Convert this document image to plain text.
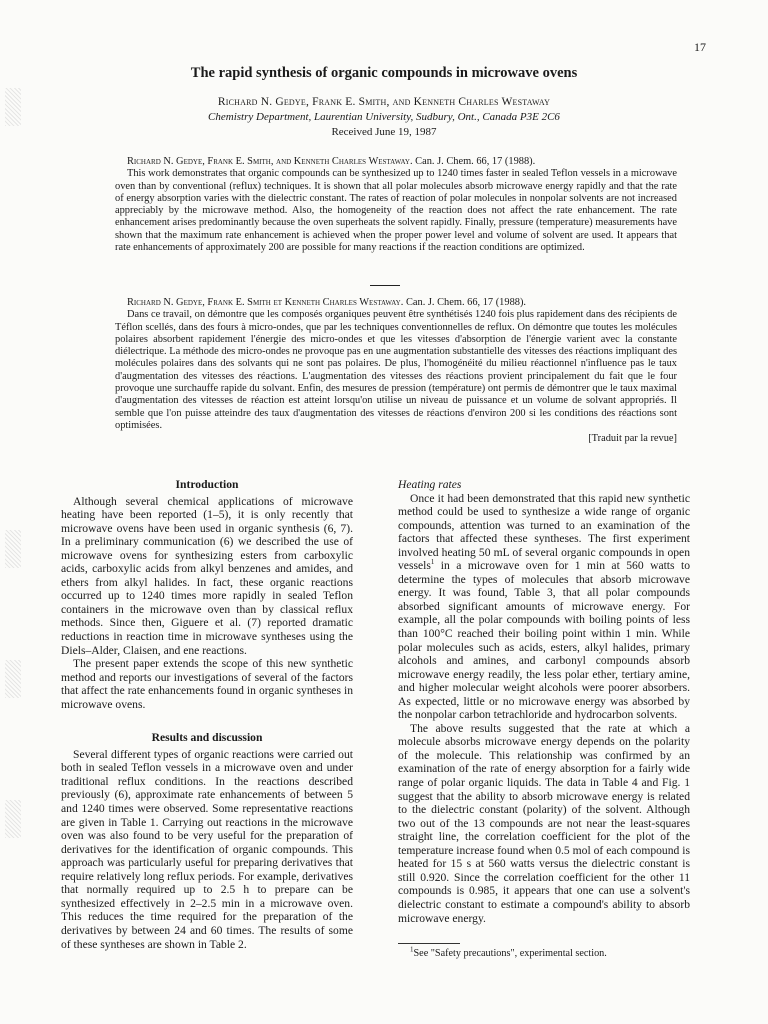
17
The rapid synthesis of organic compounds in microwave ovens
Richard N. Gedye, Frank E. Smith, and Kenneth Charles Westaway
Chemistry Department, Laurentian University, Sudbury, Ont., Canada P3E 2C6
Received June 19, 1987

Richard N. Gedye, Frank E. Smith, and Kenneth Charles Westaway. Can. J. Chem. 66, 17 (1988).

This work demonstrates that organic compounds can be synthesized up to 1240 times faster in sealed Teflon vessels in a microwave oven than by conventional (reflux) techniques. It is shown that all polar molecules absorb microwave energy rapidly and that the rate of energy absorption varies with the dielectric constant. The rates of reaction of polar molecules in nonpolar solvents are not increased appreciably by the microwave method. Also, the homogeneity of the reaction does not affect the rate enhancement. The rate enhancement arises predominantly because the oven superheats the solvent rapidly. Finally, pressure (temperature) measurements have shown that the maximum rate enhancement is achieved when the proper power level and volume of solvent are used. It appears that rate enhancements of approximately 200 are possible for many reactions if the reaction conditions are optimized.

Richard N. Gedye, Frank E. Smith et Kenneth Charles Westaway. Can. J. Chem. 66, 17 (1988).

Dans ce travail, on démontre que les composés organiques peuvent être synthétisés 1240 fois plus rapidement dans des récipients de Téflon scellés, dans des fours à micro-ondes, que par les techniques conventionnelles de reflux. On démontre que toutes les molécules polaires absorbent rapidement l'énergie des micro-ondes et que les vitesses d'absorption de l'énergie varient avec la constante diélectrique. La méthode des micro-ondes ne provoque pas en une augmentation substantielle des vitesses des réactions impliquant des molécules polaires dans des solvants qui ne sont pas polaires. De plus, l'homogénéité du milieu réactionnel n'influence pas le taux d'augmentation des vitesses des réactions. L'augmentation des vitesses des réactions provient principalement du fait que le four provoque une surchauffe rapide du solvant. Enfin, des mesures de pression (température) ont permis de démontrer que le taux maximal d'augmentation des vitesses de réaction est atteint lorsqu'on utilise un niveau de puissance et un volume de solvant appropriés. Il semble que l'on puisse atteindre des taux d'augmentation des vitesses de réactions d'environ 200 si les conditions des réactions sont optimisées.

[Traduit par la revue]
Introduction

Although several chemical applications of microwave heating have been reported (1–5), it is only recently that microwave ovens have been used in organic synthesis (6, 7). In a preliminary communication (6) we described the use of microwave ovens for synthesizing esters from carboxylic acids, carboxylic acids from alkyl benzenes and amides, and ethers from alkyl halides. In fact, these organic reactions occurred up to 1240 times more rapidly in sealed Teflon containers in the microwave oven than by classical reflux methods. Since then, Giguere et al. (7) reported dramatic reductions in reaction time in microwave syntheses using the Diels–Alder, Claisen, and ene reactions.

The present paper extends the scope of this new synthetic method and reports our investigations of several of the factors that affect the rate enhancements found in organic syntheses in microwave ovens.

Results and discussion

Several different types of organic reactions were carried out both in sealed Teflon vessels in a microwave oven and under traditional reflux conditions. In the reactions described previously (6), approximate rate enhancements of between 5 and 1240 times were observed. Some representative reactions are given in Table 1. Carrying out reactions in the microwave oven was also found to be very useful for the preparation of derivatives for the identification of organic compounds. This approach was particularly useful for preparing derivatives that require relatively long reflux periods. For example, derivatives that normally required up to 2.5 h to prepare can be synthesized effectively in 2–2.5 min in a microwave oven. This reduces the time required for the preparation of the derivatives by between 24 and 60 times. The results of some of these syntheses are shown in Table 2.

Heating rates

Once it had been demonstrated that this rapid new synthetic method could be used to synthesize a wide range of organic compounds, attention was turned to an examination of the factors that affected these syntheses. The first experiment involved heating 50 mL of several organic compounds in open vessels$^1$ in a microwave oven for 1 min at 560 watts to determine the types of molecules that absorb microwave energy. It was found, Table 3, that all polar compounds absorbed significant amounts of microwave energy. For example, all the polar compounds with boiling points of less than 100°C reached their boiling point within 1 min. While polar molecules such as acids, esters, alkyl halides, primary alcohols and amines, and carbonyl compounds absorb microwave energy readily, the less polar ether, tertiary amine, and higher molecular weight alcohols were poorer absorbers. As expected, little or no microwave energy was absorbed by the nonpolar carbon tetrachloride and hydrocarbon solvents.

The above results suggested that the rate at which a molecule absorbs microwave energy depends on the polarity of the molecule. This relationship was confirmed by an examination of the rate of energy absorption for a fairly wide range of polar organic liquids. The data in Table 4 and Fig. 1 suggest that the ability to absorb microwave energy is related to the dielectric constant (polarity) of the solvent. Although two out of the 13 compounds are not near the least-squares straight line, the correlation coefficient for the plot of the temperature increase found when 0.5 mol of each compound is heated for 15 s at 560 watts versus the dielectric constant is still 0.920. Since the correlation coefficient for the other 11 compounds is 0.985, it appears that one can use a solvent's dielectric constant to estimate a compound's ability to absorb microwave energy.

$^1$See "Safety precautions", experimental section.
